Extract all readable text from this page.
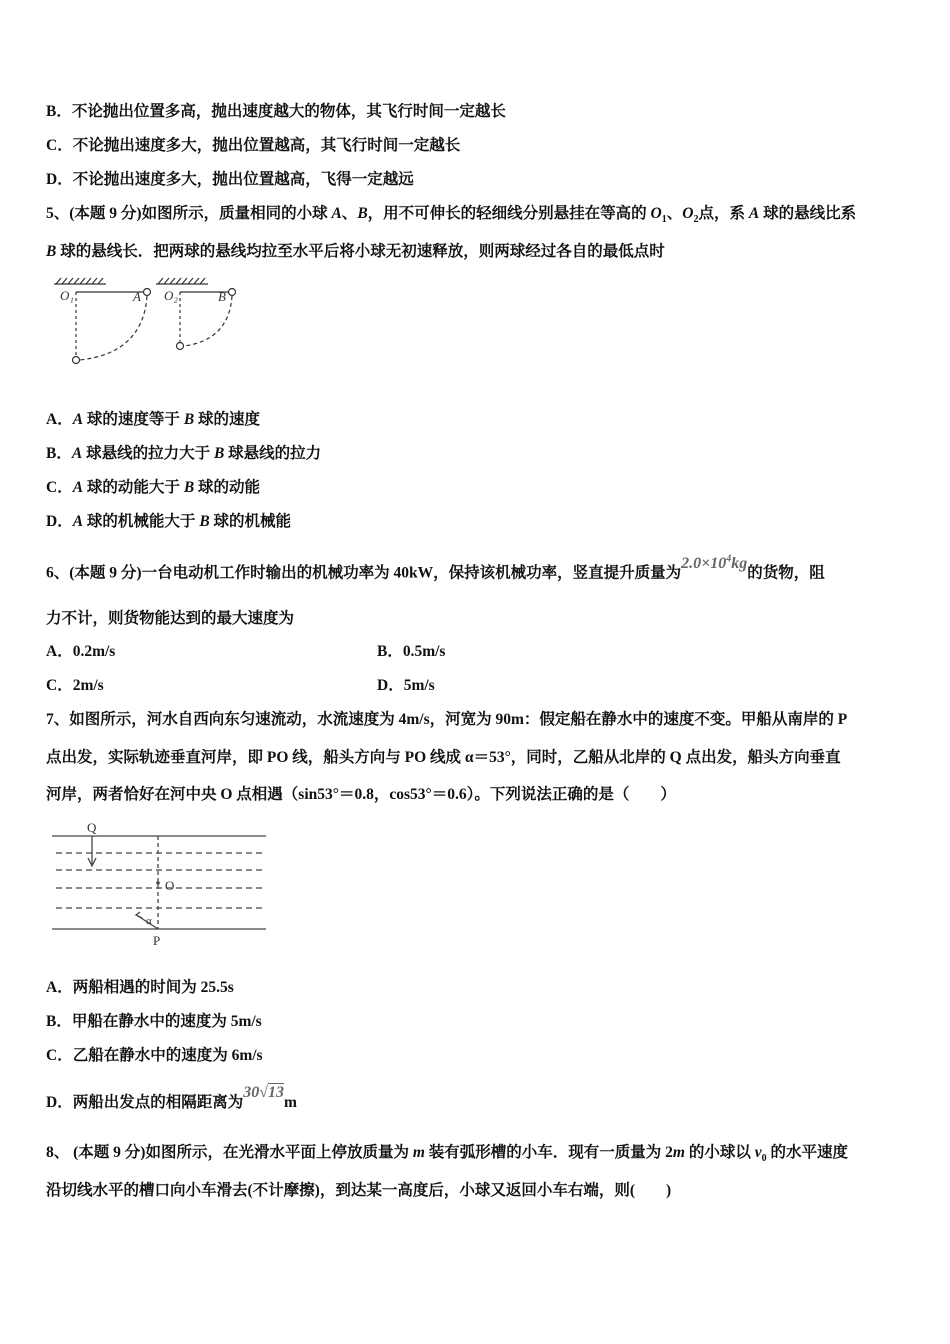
B．不论抛出位置多高，抛出速度越大的物体，其飞行时间一定越长
C．不论抛出速度多大，抛出位置越高，其飞行时间一定越长
D．不论抛出速度多大，抛出位置越高，飞得一定越远
5、(本题 9 分)如图所示，质量相同的小球 A、B，用不可伸长的轻细线分别悬挂在等高的 $O_1$、$O_2$点，系 A 球的悬线比系
B 球的悬线长．把两球的悬线均拉至水平后将小球无初速释放，则两球经过各自的最低点时
O₁	A O₂	B
A．A 球的速度等于 B 球的速度
B．A 球悬线的拉力大于 B 球悬线的拉力
C．A 球的动能大于 B 球的动能
D．A 球的机械能大于 B 球的机械能
6、(本题 9 分)一台电动机工作时输出的机械功率为 40kW，保持该机械功率，竖直提升质量为$2.0\times 10^4kg$的货物，阻
力不计，则货物能达到的最大速度为
A．0.2m/s	B．0.5m/s
C．2m/s	D．5m/s
7、如图所示，河水自西向东匀速流动，水流速度为 4m/s，河宽为 90m：假定船在静水中的速度不变。甲船从南岸的 P
点出发，实际轨迹垂直河岸，即 PO 线，船头方向与 PO 线成 α＝53°，同时，乙船从北岸的 Q 点出发，船头方向垂直
河岸，两者恰好在河中央 O 点相遇（sin53°＝0.8，cos53°＝0.6）。下列说法正确的是（　　）
Q
O
P
α
A．两船相遇的时间为 25.5s
B．甲船在静水中的速度为 5m/s
C．乙船在静水中的速度为 6m/s
D．两船出发点的相隔距离为30√13m
8、 (本题 9 分)如图所示，在光滑水平面上停放质量为 m 装有弧形槽的小车．现有一质量为 2m 的小球以 $v_0$ 的水平速度
沿切线水平的槽口向小车滑去(不计摩擦)，到达某一高度后，小球又返回小车右端，则(　　)
